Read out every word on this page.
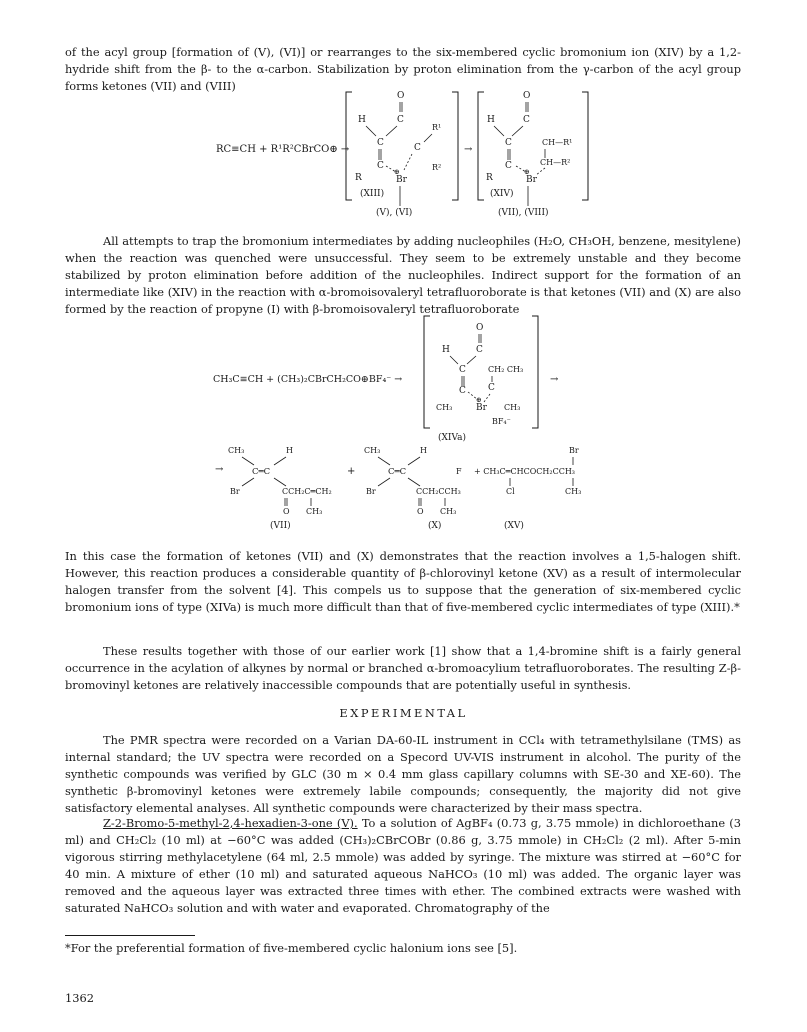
of the acyl group [formation of (V), (VI)] or rearranges to the six-membered cyclic bromonium ion (XIV) by a 1,2-hydride shift from the β- to the α-carbon. Stabilization by proton elimination from the γ-carbon of the acyl group forms ketones (VII) and (VIII)

RC≡CH + R¹R²CBrCO⊕ →
O
H	C
R¹
C	C
R²
C
R
⊕
Br
(XIII)
(V), (VI)
→
O
H	C
C	CH—R¹
C	CH—R²
R
⊕
Br
(XIV)
(VII), (VIII)

All attempts to trap the bromonium intermediates by adding nucleophiles (H₂O, CH₃OH, benzene, mesitylene) when the reaction was quenched were unsuccessful. They seem to be extremely unstable and they become stabilized by proton elimination before addition of the nucleophiles. Indirect support for the formation of an intermediate like (XIV) in the reaction with α-bromoisovaleryl tetrafluoroborate is that ketones (VII) and (X) are also formed by the reaction of propyne (I) with β-bromoisovaleryl tetrafluoroborate

CH₃C≡CH + (CH₃)₂CBrCH₂CO⊕BF₄⁻ →
O
H	C
C	CH₂ CH₃
C C
CH₃
⊕
Br CH₃
BF₄⁻
(XIVa)
→
→
CH₃	H
C═C
Br	CCH₂C═CH₂
O CH₃
(VII)
+
CH₃	H
C═C	F
Br	CCH₂CCH₃
O CH₃
(X)
Br
+ CH₃C═CHCOCH₂CCH₃
Cl	CH₃
(XV)

In this case the formation of ketones (VII) and (X) demonstrates that the reaction involves a 1,5-halogen shift. However, this reaction produces a considerable quantity of β-chlorovinyl ketone (XV) as a result of intermolecular halogen transfer from the solvent [4]. This compels us to suppose that the generation of six-membered cyclic bromonium ions of type (XIVa) is much more difficult than that of five-membered cyclic intermediates of type (XIII).*

These results together with those of our earlier work [1] show that a 1,4-bromine shift is a fairly general occurrence in the acylation of alkynes by normal or branched α-bromoacylium tetrafluoroborates. The resulting Z-β-bromovinyl ketones are relatively inaccessible compounds that are potentially useful in synthesis.

EXPERIMENTAL

The PMR spectra were recorded on a Varian DA-60-IL instrument in CCl₄ with tetramethylsilane (TMS) as internal standard; the UV spectra were recorded on a Specord UV-VIS instrument in alcohol. The purity of the synthetic compounds was verified by GLC (30 m × 0.4 mm glass capillary columns with SE-30 and XE-60). The synthetic β-bromovinyl ketones were extremely labile compounds; consequently, the majority did not give satisfactory elemental analyses. All synthetic compounds were characterized by their mass spectra.

Z-2-Bromo-5-methyl-2,4-hexadien-3-one (V). To a solution of AgBF₄ (0.73 g, 3.75 mmole) in dichloroethane (3 ml) and CH₂Cl₂ (10 ml) at −60°C was added (CH₃)₂CBrCOBr (0.86 g, 3.75 mmole) in CH₂Cl₂ (2 ml). After 5-min vigorous stirring methylacetylene (64 ml, 2.5 mmole) was added by syringe. The mixture was stirred at −60°C for 40 min. A mixture of ether (10 ml) and saturated aqueous NaHCO₃ (10 ml) was added. The organic layer was removed and the aqueous layer was extracted three times with ether. The combined extracts were washed with saturated NaHCO₃ solution and with water and evaporated. Chromatography of the

*For the preferential formation of five-membered cyclic halonium ions see [5].
1362
